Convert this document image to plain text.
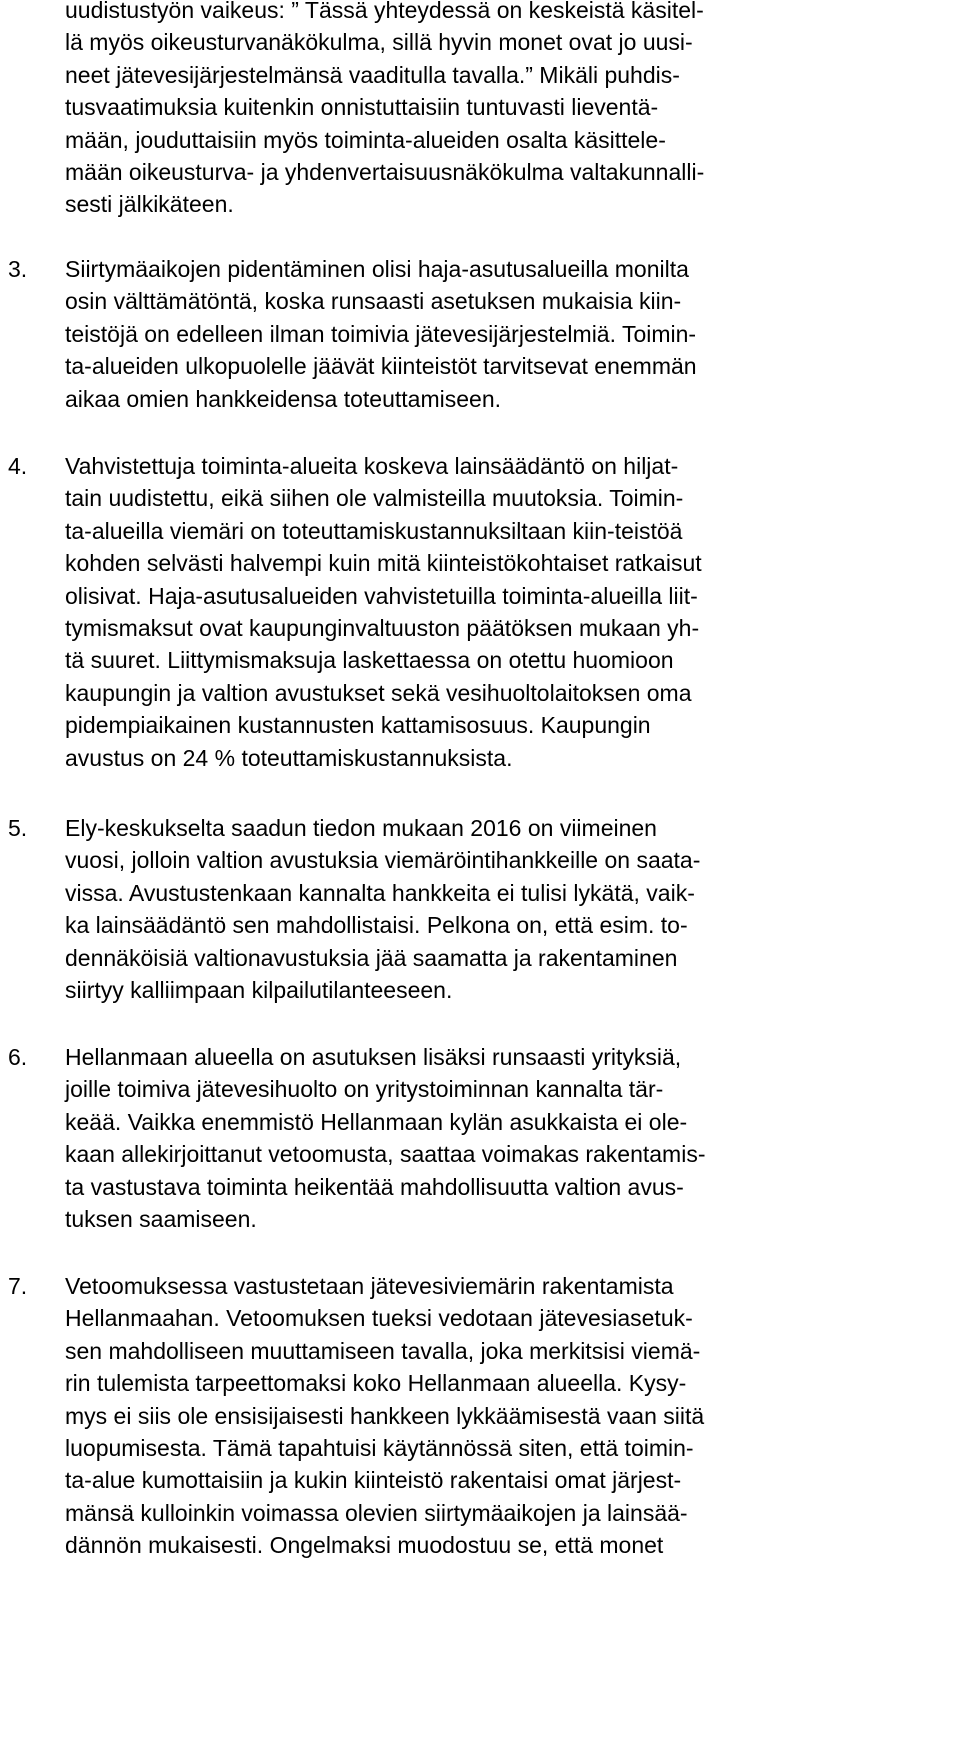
uudistustyön vaikeus: ” Tässä yhteydessä on keskeistä käsitel-
lä myös oikeusturvanäkökulma, sillä hyvin monet ovat jo uusi-
neet jätevesijärjestelmänsä vaaditulla tavalla.” Mikäli puhdis-
tusvaatimuksia kuitenkin onnistuttaisiin tuntuvasti lieventä-
mään, jouduttaisiin myös toiminta-alueiden osalta käsittele-
mään oikeusturva- ja yhdenvertaisuusnäkökulma valtakunnalli-
sesti jälkikäteen.
3. Siirtymäaikojen pidentäminen olisi haja-asutusalueilla monilta
osin välttämätöntä, koska runsaasti asetuksen mukaisia kiin-
teistöjä on edelleen ilman toimivia jätevesijärjestelmiä. Toimin-
ta-alueiden ulkopuolelle jäävät kiinteistöt tarvitsevat enemmän
aikaa omien hankkeidensa toteuttamiseen.
4. Vahvistettuja toiminta-alueita koskeva lainsäädäntö on hiljat-
tain uudistettu, eikä siihen ole valmisteilla muutoksia. Toimin-
ta-alueilla viemäri on toteuttamiskustannuksiltaan kiin-teistöä
kohden selvästi halvempi kuin mitä kiinteistökohtaiset ratkaisut
olisivat. Haja-asutusalueiden vahvistetuilla toiminta-alueilla liit-
tymismaksut ovat kaupunginvaltuuston päätöksen mukaan yh-
tä suuret. Liittymismaksuja laskettaessa on otettu huomioon
kaupungin ja valtion avustukset sekä vesihuoltolaitoksen oma
pidempiaikainen kustannusten kattamisosuus. Kaupungin
avustus on 24 % toteuttamiskustannuksista.
5. Ely-keskukselta saadun tiedon mukaan 2016 on viimeinen
vuosi, jolloin valtion avustuksia viemäröintihankkeille on saata-
vissa. Avustustenkaan kannalta hankkeita ei tulisi lykätä, vaik-
ka lainsäädäntö sen mahdollistaisi. Pelkona on, että esim. to-
dennäköisiä valtionavustuksia jää saamatta ja rakentaminen
siirtyy kalliimpaan kilpailutilanteeseen.
6. Hellanmaan alueella on asutuksen lisäksi runsaasti yrityksiä,
joille toimiva jätevesihuolto on yritystoiminnan kannalta tär-
keää. Vaikka enemmistö Hellanmaan kylän asukkaista ei ole-
kaan allekirjoittanut vetoomusta, saattaa voimakas rakentamis-
ta vastustava toiminta heikentää mahdollisuutta valtion avus-
tuksen saamiseen.
7. Vetoomuksessa vastustetaan jätevesiviemärin rakentamista
Hellanmaahan. Vetoomuksen tueksi vedotaan jätevesiasetuk-
sen mahdolliseen muuttamiseen tavalla, joka merkitsisi viemä-
rin tulemista tarpeettomaksi koko Hellanmaan alueella. Kysy-
mys ei siis ole ensisijaisesti hankkeen lykkäämisestä vaan siitä
luopumisesta. Tämä tapahtuisi käytännössä siten, että toimin-
ta-alue kumottaisiin ja kukin kiinteistö rakentaisi omat järjest-
mänsä kulloinkin voimassa olevien siirtymäaikojen ja lainsää-
dännön mukaisesti. Ongelmaksi muodostuu se, että monet
